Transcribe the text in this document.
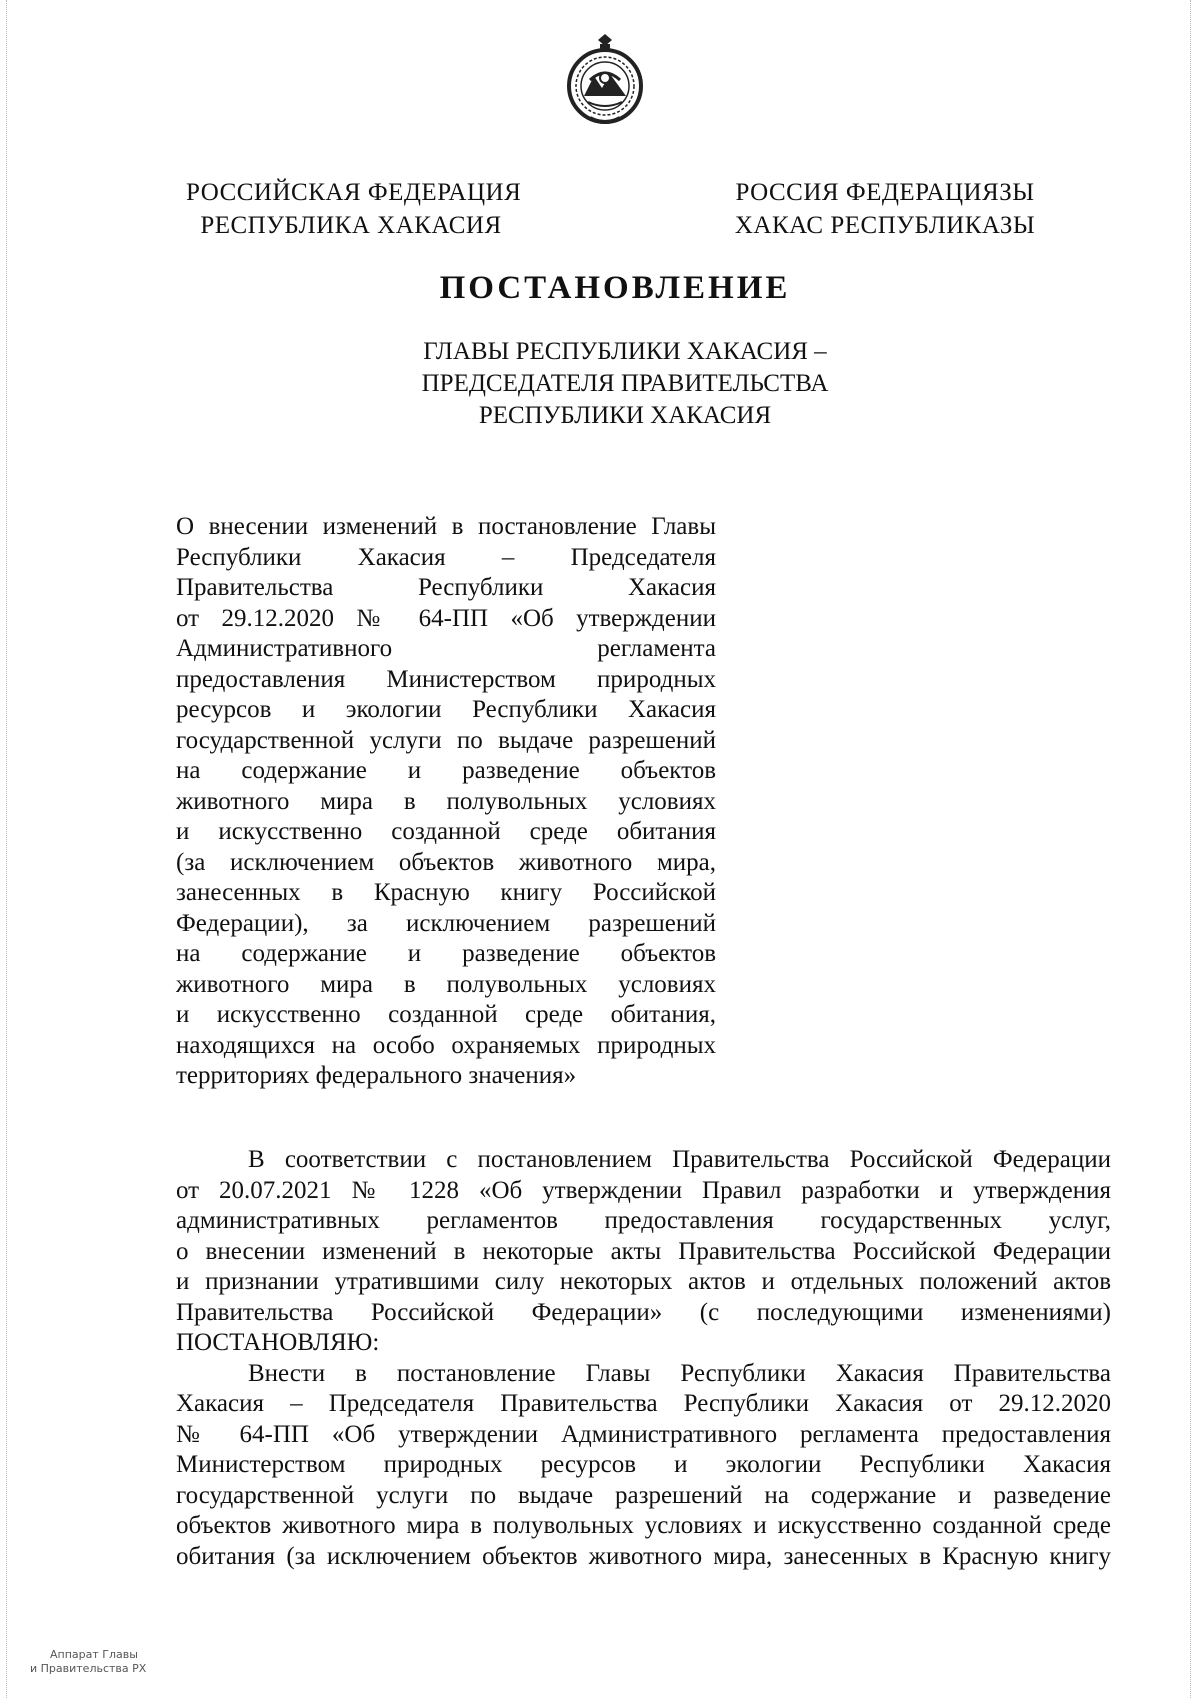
РОССИЙСКАЯ ФЕДЕРАЦИЯ
РЕСПУБЛИКА ХАКАСИЯ
РОССИЯ ФЕДЕРАЦИЯЗЫ
ХАКАС РЕСПУБЛИКАЗЫ
ПОСТАНОВЛЕНИЕ
ГЛАВЫ РЕСПУБЛИКИ ХАКАСИЯ –
ПРЕДСЕДАТЕЛЯ ПРАВИТЕЛЬСТВА
РЕСПУБЛИКИ ХАКАСИЯ
О внесении изменений в постановление Главы
Республики Хакасия – Председателя
Правительства Республики Хакасия
от 29.12.2020 № 64-ПП «Об утверждении
Административного регламента
предоставления Министерством природных
ресурсов и экологии Республики Хакасия
государственной услуги по выдаче разрешений
на содержание и разведение объектов
животного мира в полувольных условиях
и искусственно созданной среде обитания
(за исключением объектов животного мира,
занесенных в Красную книгу Российской
Федерации), за исключением разрешений
на содержание и разведение объектов
животного мира в полувольных условиях
и искусственно созданной среде обитания,
находящихся на особо охраняемых природных
территориях федерального значения»
В соответствии с постановлением Правительства Российской Федерации
от 20.07.2021 № 1228 «Об утверждении Правил разработки и утверждения
административных регламентов предоставления государственных услуг,
о внесении изменений в некоторые акты Правительства Российской Федерации
и признании утратившими силу некоторых актов и отдельных положений актов
Правительства Российской Федерации» (с последующими изменениями)
ПОСТАНОВЛЯЮ:
Внести в постановление Главы Республики Хакасия Правительства
Хакасия – Председателя Правительства Республики Хакасия от 29.12.2020
№ 64-ПП «Об утверждении Административного регламента предоставления
Министерством природных ресурсов и экологии Республики Хакасия
государственной услуги по выдаче разрешений на содержание и разведение
объектов животного мира в полувольных условиях и искусственно созданной среде
обитания (за исключением объектов животного мира, занесенных в Красную книгу
Аппарат Главы
и Правительства РХ
